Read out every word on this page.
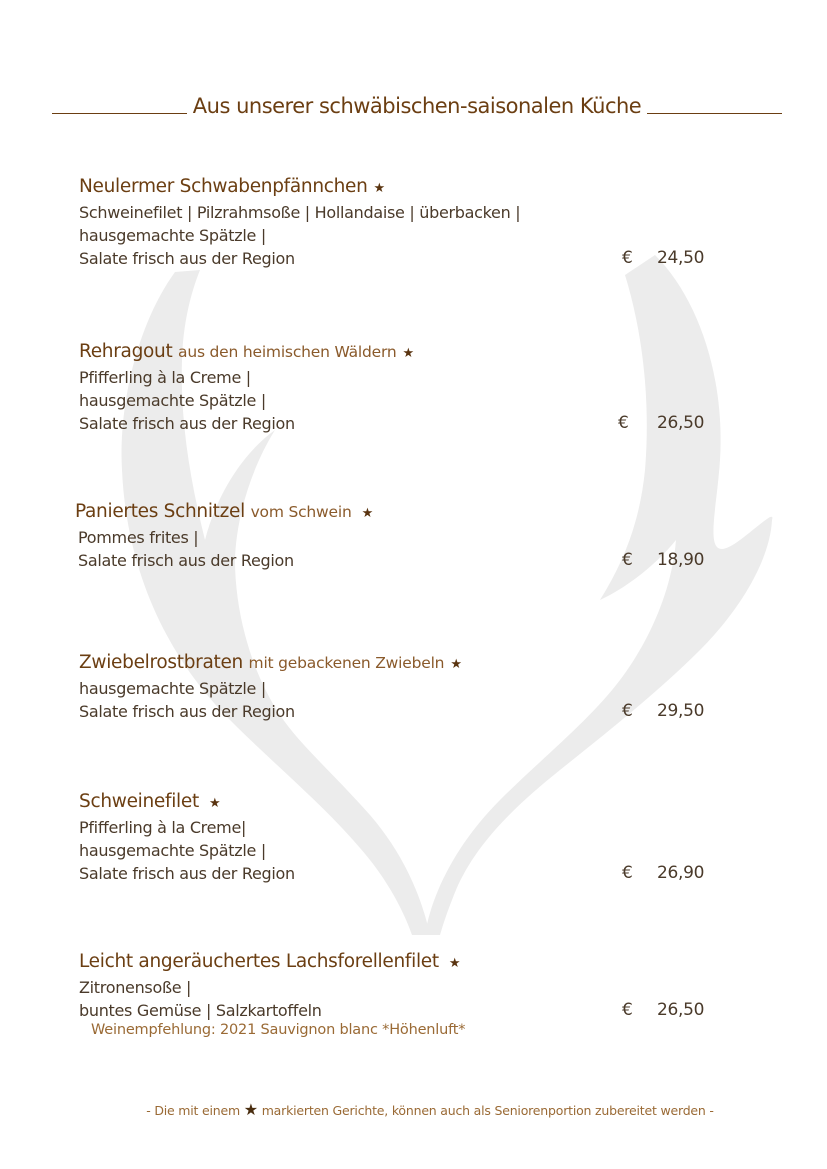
Aus unserer schwäbischen-saisonalen Küche
Neulermer Schwabenpfännchen ★
Schweinefilet | Pilzrahmsoße | Hollandaise | überbacken |
hausgemachte Spätzle |
Salate frisch aus der Region	€ 24,50
Rehragout aus den heimischen Wäldern ★
Pfifferling à la Creme |
hausgemachte Spätzle |
Salate frisch aus der Region	€ 26,50
Paniertes Schnitzel vom Schwein ★
Pommes frites |
Salate frisch aus der Region	€ 18,90
Zwiebelrostbraten mit gebackenen Zwiebeln ★
hausgemachte Spätzle |
Salate frisch aus der Region	€ 29,50
Schweinefilet ★
Pfifferling à la Creme|
hausgemachte Spätzle |
Salate frisch aus der Region	€ 26,90
Leicht angeräuchertes Lachsforellenfilet ★
Zitronensoße |
buntes Gemüse | Salzkartoffeln	€ 26,50
Weinempfehlung: 2021 Sauvignon blanc *Höhenluft*
- Die mit einem ★ markierten Gerichte, können auch als Seniorenportion zubereitet werden -
